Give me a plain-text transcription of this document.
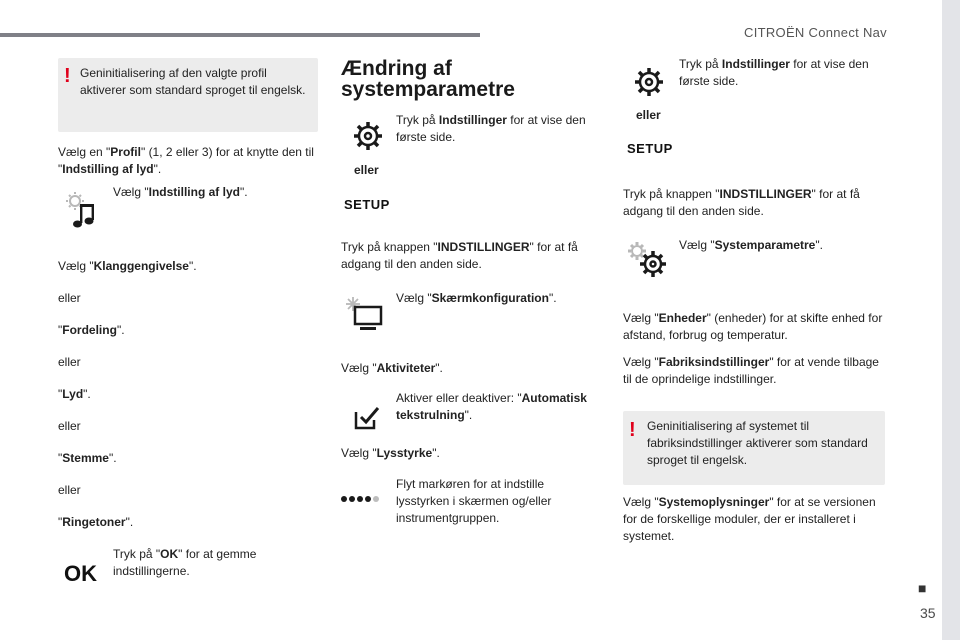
CITROËN Connect Nav
■
35
! Geninitialisering af den valgte profil aktiverer som standard sproget til engelsk.
Vælg en "Profil" (1, 2 eller 3) for at knytte den til "Indstilling af lyd".
Vælg "Indstilling af lyd".
Vælg "Klanggengivelse".
eller
"Fordeling".
eller
"Lyd".
eller
"Stemme".
eller
"Ringetoner".
OK
Tryk på "OK" for at gemme indstillingerne.
Ændring af
systemparametre
Tryk på Indstillinger for at vise den første side.
eller
SETUP
Tryk på knappen "INDSTILLINGER" for at få adgang til den anden side.
Vælg "Skærmkonfiguration".
Vælg "Aktiviteter".
Aktiver eller deaktiver: "Automatisk tekstrulning".
Vælg "Lysstyrke".
Flyt markøren for at indstille lysstyrken i skærmen og/eller instrumentgruppen.
Tryk på Indstillinger for at vise den første side.
eller
SETUP
Tryk på knappen "INDSTILLINGER" for at få adgang til den anden side.
Vælg "Systemparametre".
Vælg "Enheder" (enheder) for at skifte enhed for afstand, forbrug og temperatur.
Vælg "Fabriksindstillinger" for at vende tilbage til de oprindelige indstillinger.
! Geninitialisering af systemet til fabriksindstillinger aktiverer som standard sproget til engelsk.
Vælg "Systemoplysninger" for at se versionen for de forskellige moduler, der er installeret i systemet.
